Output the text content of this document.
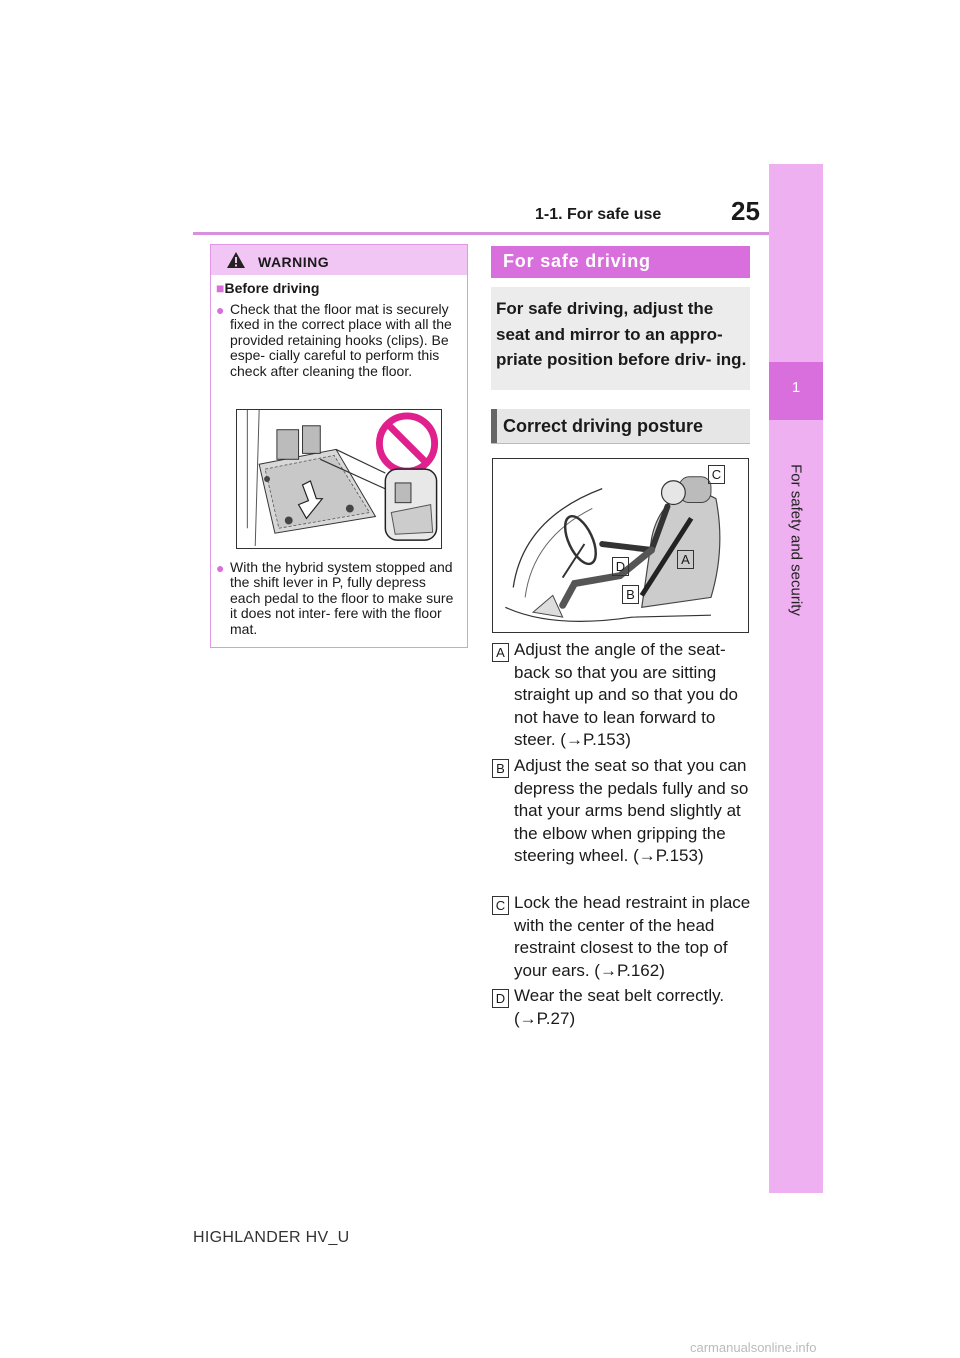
1-1. For safe use	25
1
For safety and security
WARNING
■Before driving
● Check that the floor mat is securely fixed in the correct place with all the provided retaining hooks (clips). Be espe- cially careful to perform this check after cleaning the floor.
● With the hybrid system stopped and the shift lever in P, fully depress each pedal to the floor to make sure it does not inter- fere with the floor mat.
For safe driving
For safe driving, adjust the seat and mirror to an appro- priate position before driv- ing.
Correct driving posture
C
A
D
B
A Adjust the angle of the seat- back so that you are sitting straight up and so that you do not have to lean forward to steer. (→P.153)
B Adjust the seat so that you can depress the pedals fully and so that your arms bend slightly at the elbow when gripping the steering wheel. (→P.153)
C Lock the head restraint in place with the center of the head restraint closest to the top of your ears. (→P.162)
D Wear the seat belt correctly. (→P.27)
HIGHLANDER HV_U
carmanualsonline.info
